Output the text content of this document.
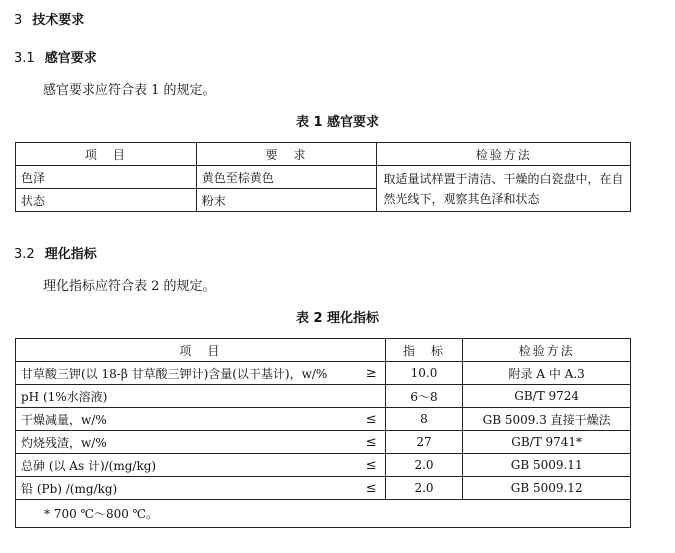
3 技术要求
3.1 感官要求
感官要求应符合表 1 的规定。
表 1 感官要求
项　目	要　求	检验方法
色泽	黄色至棕黄色	取适量试样置于清洁、干燥的白瓷盘中，在自然光线下，观察其色泽和状态
状态	粉末	
3.2 理化指标
理化指标应符合表 2 的规定。
表 2 理化指标
项　目		指　标	检验方法
甘草酸三钾(以 18-β 甘草酸三钾计)含量(以干基计)，w/%	≥	10.0	附录 A 中 A.3
pH (1%水溶液)		6～8	GB/T 9724
干燥减量，w/%	≤	8	GB 5009.3 直接干燥法
灼烧残渣，w/%	≤	27	GB/T 9741*
总砷 (以 As 计)/(mg/kg)	≤	2.0	GB 5009.11
铅 (Pb) /(mg/kg)	≤	2.0	GB 5009.12
* 700 ℃～800 ℃。			
